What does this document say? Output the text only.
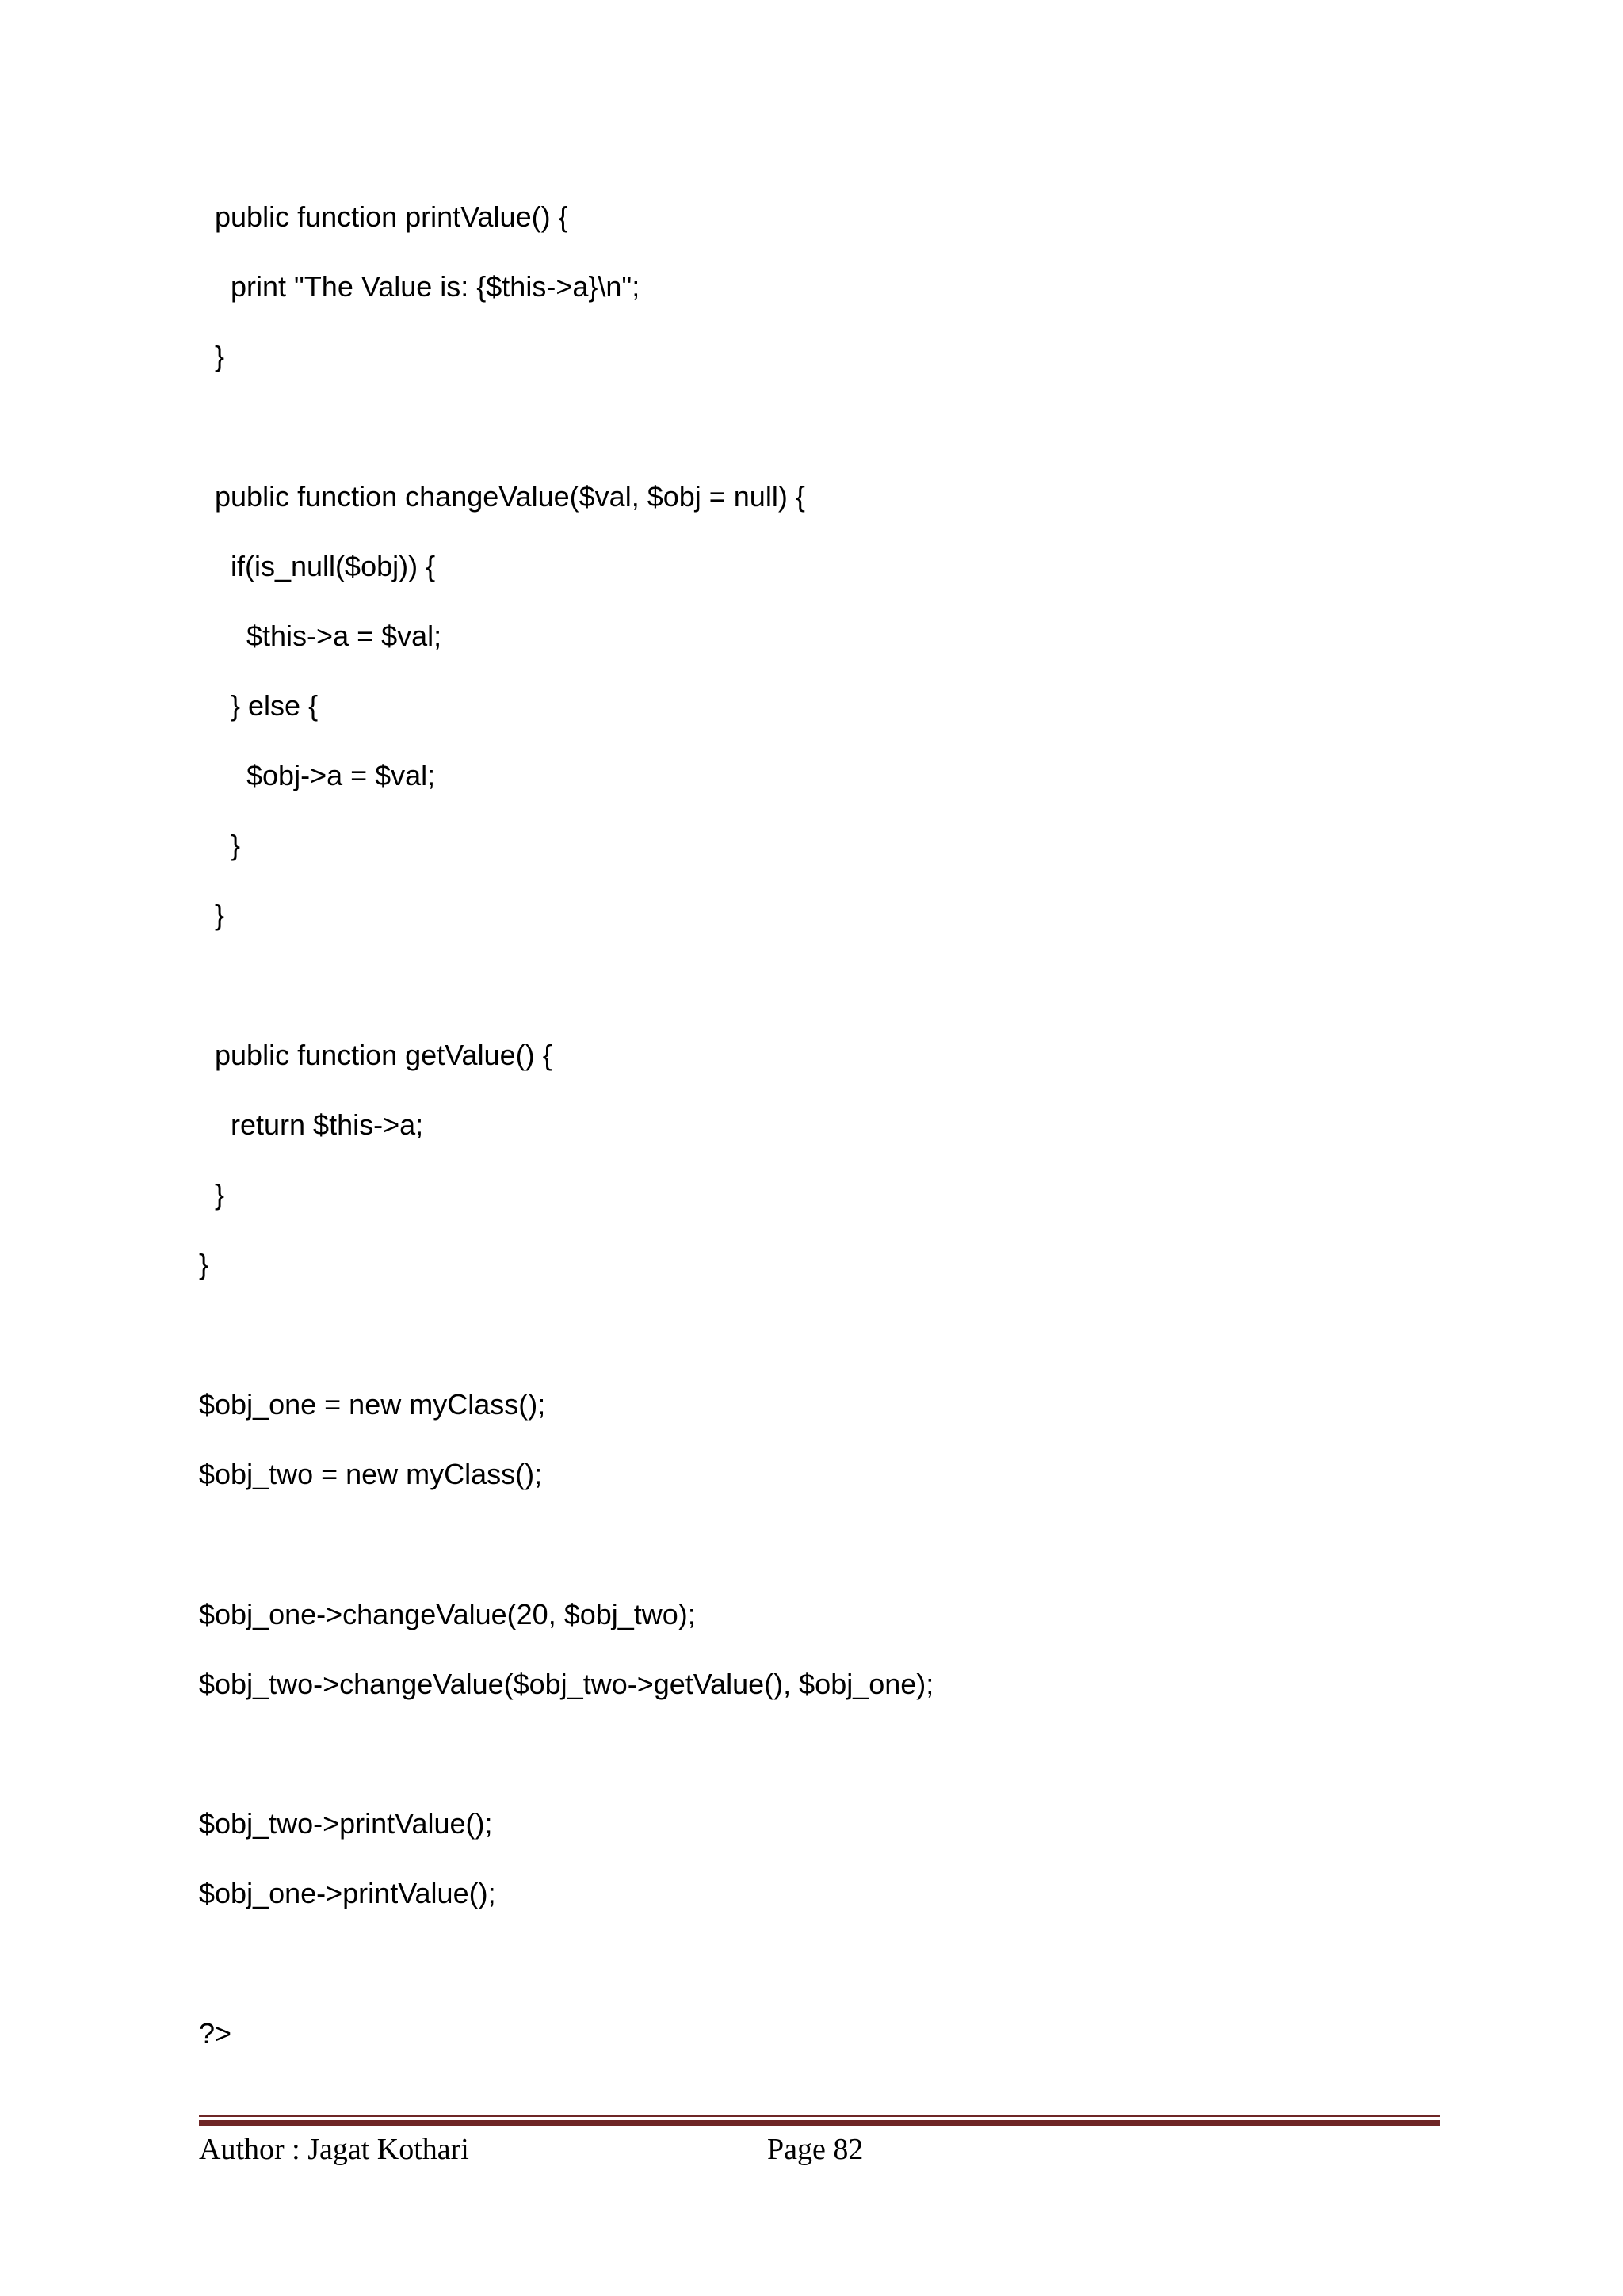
public function printValue() {
print "The Value is: {$this->a}\n";
}
public function changeValue($val, $obj = null) {
if(is_null($obj)) {
$this->a = $val;
} else {
$obj->a = $val;
}
}
public function getValue() {
return $this->a;
}
}
$obj_one = new myClass();
$obj_two = new myClass();
$obj_one->changeValue(20, $obj_two);
$obj_two->changeValue($obj_two->getValue(), $obj_one);
$obj_two->printValue();
$obj_one->printValue();
?>
Author : Jagat Kothari	Page 82
